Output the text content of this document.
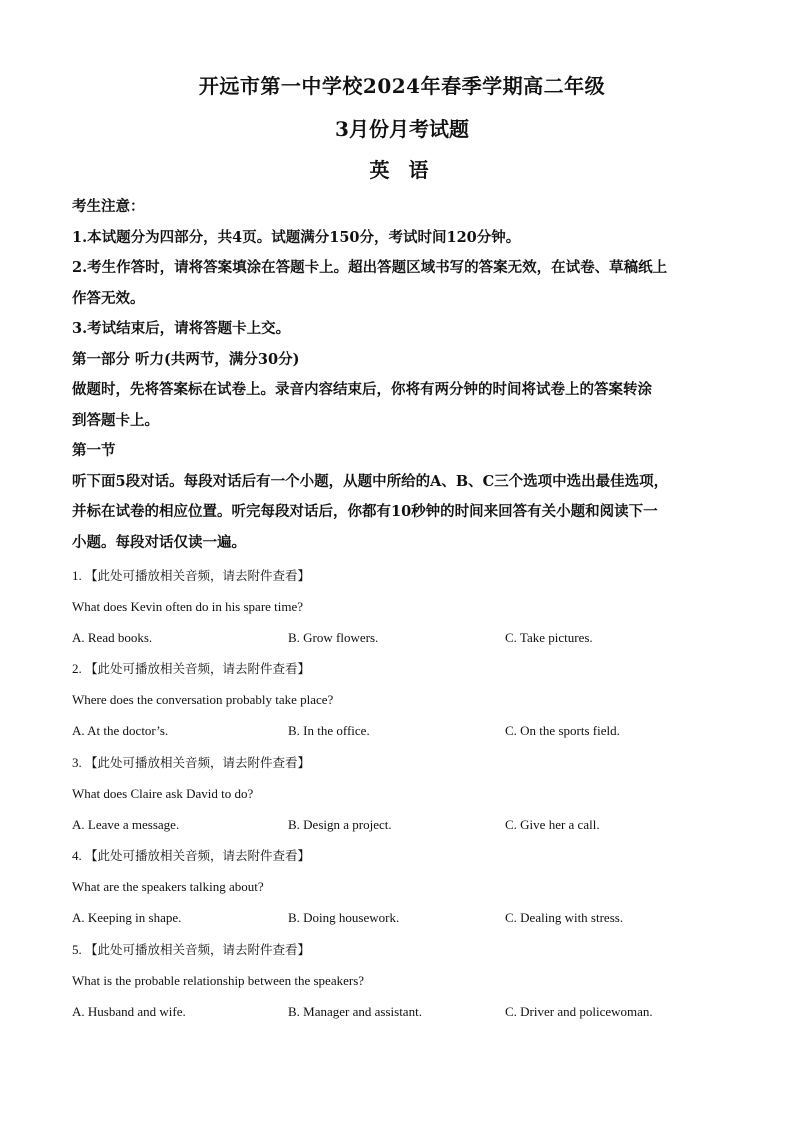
开远市第一中学校2024年春季学期高二年级
3月份月考试题
英 语

考生注意：

1.本试题分为四部分，共4页。试题满分150分，考试时间120分钟。

2.考生作答时，请将答案填涂在答题卡上。超出答题区域书写的答案无效，在试卷、草稿纸上

作答无效。

3.考试结束后，请将答题卡上交。

第一部分 听力(共两节，满分30分)

做题时，先将答案标在试卷上。录音内容结束后，你将有两分钟的时间将试卷上的答案转涂

到答题卡上。

第一节

听下面5段对话。每段对话后有一个小题，从题中所给的A、B、C三个选项中选出最佳选项，

并标在试卷的相应位置。听完每段对话后，你都有10秒钟的时间来回答有关小题和阅读下一

小题。每段对话仅读一遍。

1. 【此处可播放相关音频，请去附件查看】
What does Kevin often do in his spare time?
A. Read books.	B. Grow flowers.	C. Take pictures.
2. 【此处可播放相关音频，请去附件查看】
Where does the conversation probably take place?
A. At the doctor’s.	B. In the office.	C. On the sports field.
3. 【此处可播放相关音频，请去附件查看】
What does Claire ask David to do?
A. Leave a message.	B. Design a project.	C. Give her a call.
4. 【此处可播放相关音频，请去附件查看】
What are the speakers talking about?
A. Keeping in shape.	B. Doing housework.	C. Dealing with stress.
5. 【此处可播放相关音频，请去附件查看】
What is the probable relationship between the speakers?
A. Husband and wife.	B. Manager and assistant.	C. Driver and policewoman.
